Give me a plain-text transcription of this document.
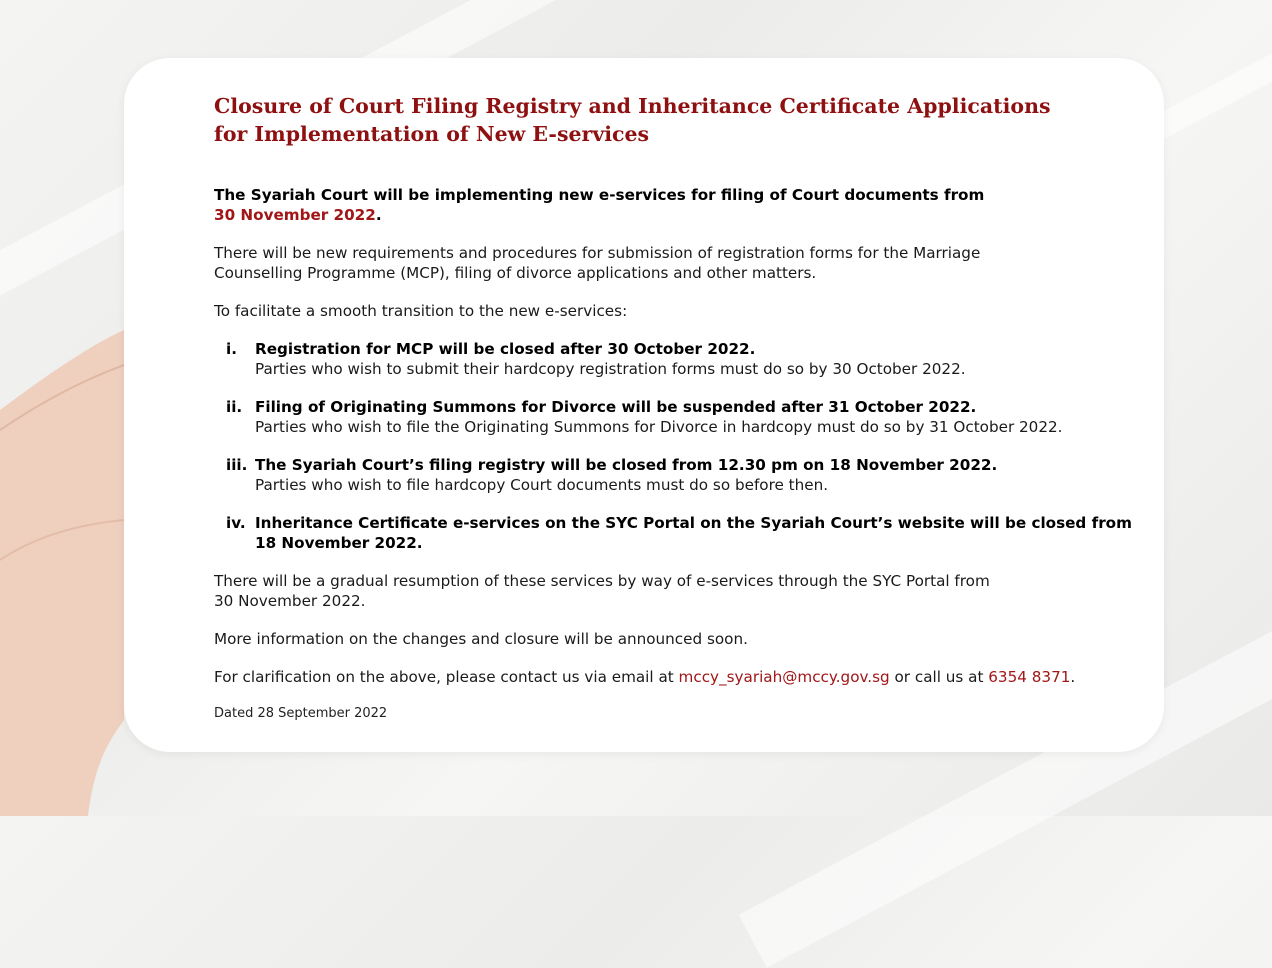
Closure of Court Filing Registry and Inheritance Certificate Applications
for Implementation of New E-services

The Syariah Court will be implementing new e-services for filing of Court documents from
30 November 2022.

There will be new requirements and procedures for submission of registration forms for the Marriage
Counselling Programme (MCP), filing of divorce applications and other matters.

To facilitate a smooth transition to the new e-services:

i. Registration for MCP will be closed after 30 October 2022.
Parties who wish to submit their hardcopy registration forms must do so by 30 October 2022.
ii. Filing of Originating Summons for Divorce will be suspended after 31 October 2022.
Parties who wish to file the Originating Summons for Divorce in hardcopy must do so by 31 October 2022.
iii. The Syariah Court’s filing registry will be closed from 12.30 pm on 18 November 2022.
Parties who wish to file hardcopy Court documents must do so before then.
iv. Inheritance Certificate e-services on the SYC Portal on the Syariah Court’s website will be closed from
18 November 2022.

There will be a gradual resumption of these services by way of e-services through the SYC Portal from
30 November 2022.

More information on the changes and closure will be announced soon.

For clarification on the above, please contact us via email at mccy_syariah@mccy.gov.sg or call us at 6354 8371.

Dated 28 September 2022
